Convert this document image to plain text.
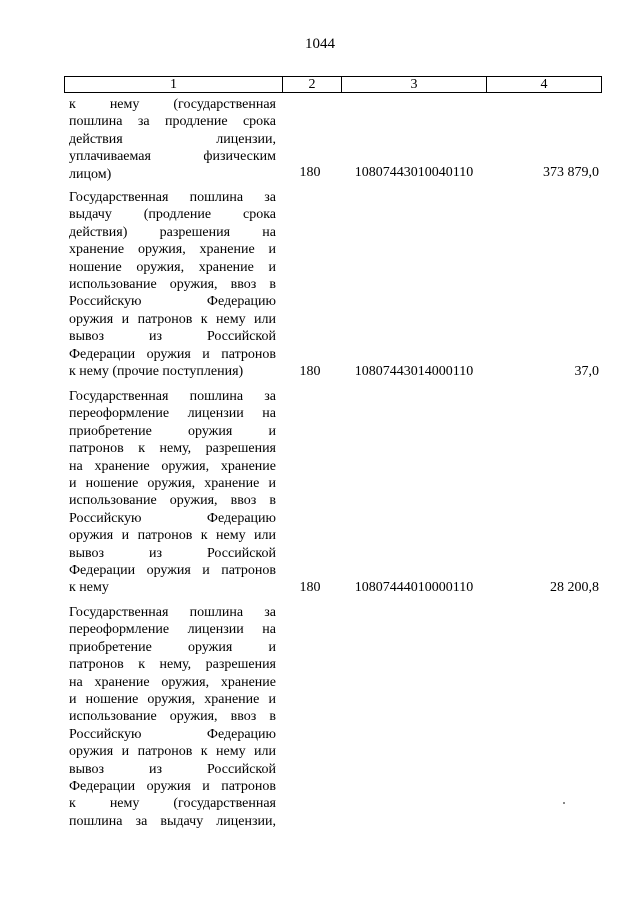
1044
1	2	3	4
к нему (государственная
пошлина за продление срока
действия лицензии,
уплачиваемая физическим
лицом)	180	10807443010040110	373 879,0
Государственная пошлина за
выдачу (продление срока
действия) разрешения на
хранение оружия, хранение и
ношение оружия, хранение и
использование оружия, ввоз в
Российскую Федерацию
оружия и патронов к нему или
вывоз из Российской
Федерации оружия и патронов
к нему (прочие поступления)	180	10807443014000110	37,0
Государственная пошлина за
переоформление лицензии на
приобретение оружия и
патронов к нему, разрешения
на хранение оружия, хранение
и ношение оружия, хранение и
использование оружия, ввоз в
Российскую Федерацию
оружия и патронов к нему или
вывоз из Российской
Федерации оружия и патронов
к нему	180	10807444010000110	28 200,8
Государственная пошлина за
переоформление лицензии на
приобретение оружия и
патронов к нему, разрешения
на хранение оружия, хранение
и ношение оружия, хранение и
использование оружия, ввоз в
Российскую Федерацию
оружия и патронов к нему или
вывоз из Российской
Федерации оружия и патронов
к нему (государственная
пошлина за выдачу лицензии,
